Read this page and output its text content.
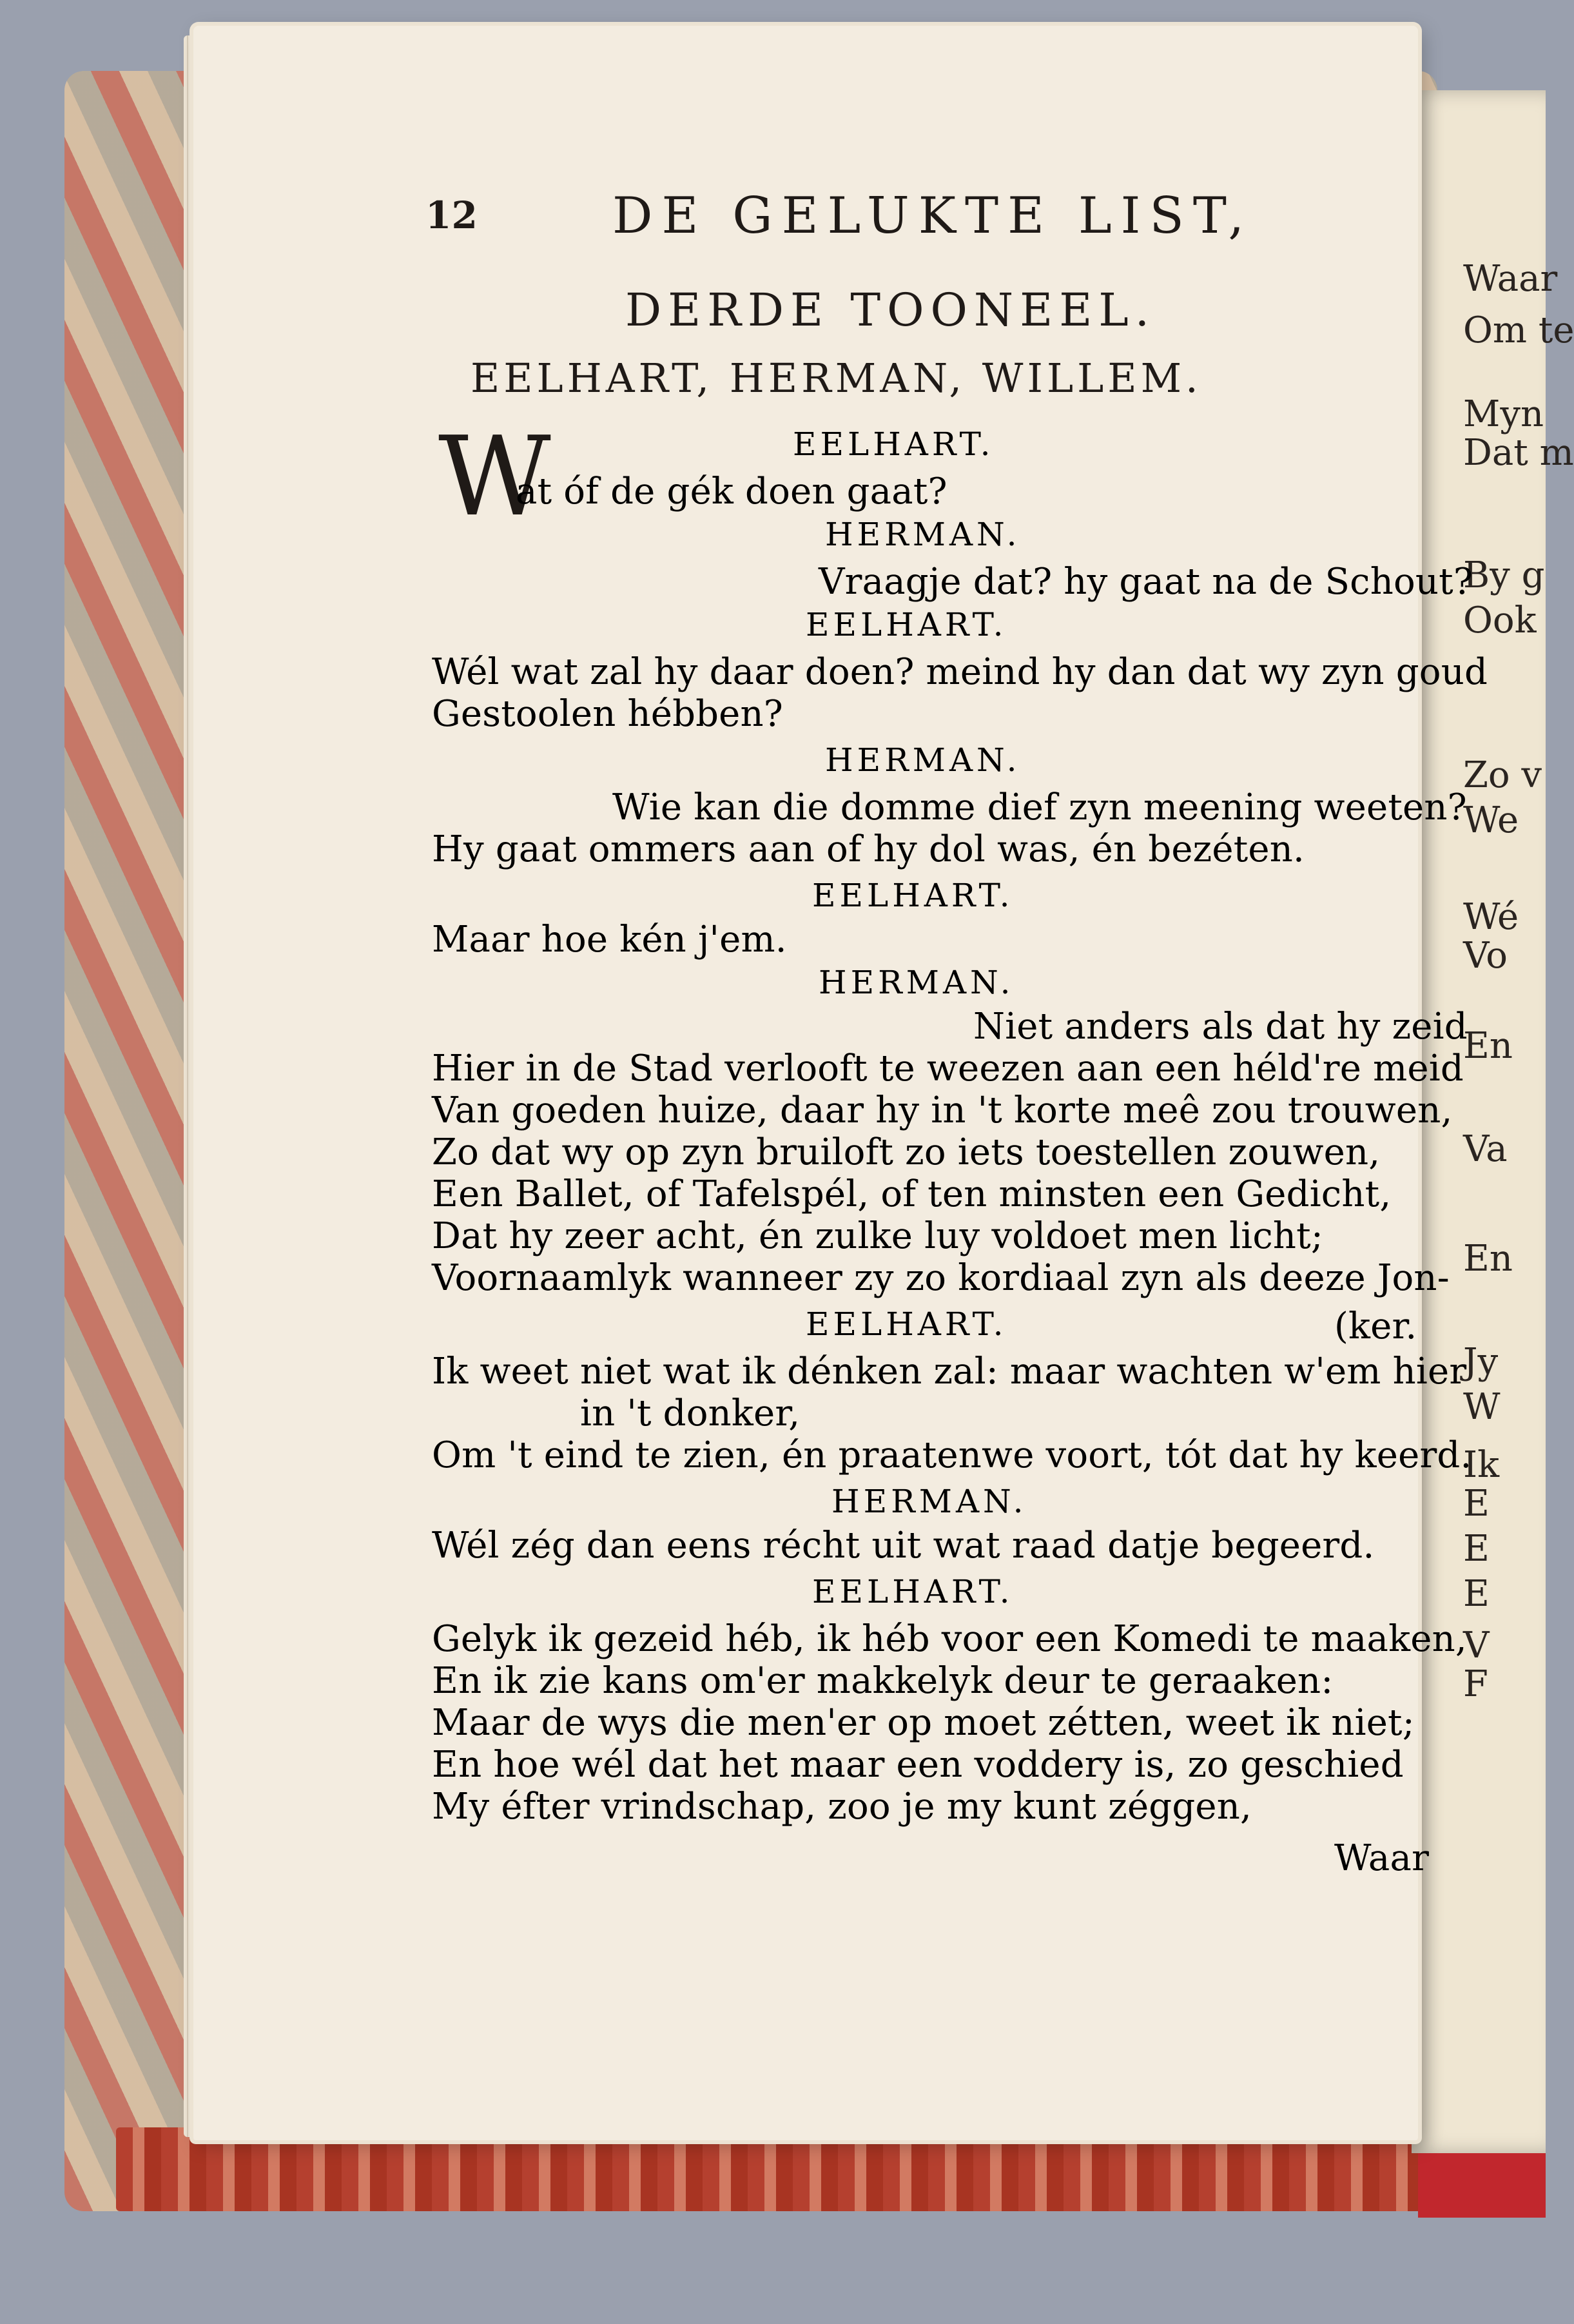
Waar
Om te
Myn
Dat m
By g
Ook
Zo v
We
Wé
Vo
En
Va
En
Jy
W
Ik
E
E
E
V
F
12	DE GELUKTE LIST,
DERDE TOONEEL.
EELHART, HERMAN, WILLEM.
EELHART.
W
at óf de gék doen gaat?
HERMAN.
Vraagje dat? hy gaat na de Schout?
EELHART.
Wél wat zal hy daar doen? meind hy dan dat wy zyn goud
Gestoolen hébben?
HERMAN.
Wie kan die domme dief zyn meening weeten?
Hy gaat ommers aan of hy dol was, én bezéten.
EELHART.
Maar hoe kén j'em.
HERMAN.
Niet anders als dat hy zeid
Hier in de Stad verlooft te weezen aan een héld're meid
Van goeden huize, daar hy in 't korte meê zou trouwen,
Zo dat wy op zyn bruiloft zo iets toestellen zouwen,
Een Ballet, of Tafelspél, of ten minsten een Gedicht,
Dat hy zeer acht, én zulke luy voldoet men licht;
Voornaamlyk wanneer zy zo kordiaal zyn als deeze Jon-
EELHART.	(ker.
Ik weet niet wat ik dénken zal: maar wachten w'em hier
in 't donker,
Om 't eind te zien, én praatenwe voort, tót dat hy keerd.
HERMAN.
Wél zég dan eens récht uit wat raad datje begeerd.
EELHART.
Gelyk ik gezeid héb, ik héb voor een Komedi te maaken,
En ik zie kans om'er makkelyk deur te geraaken:
Maar de wys die men'er op moet zétten, weet ik niet;
En hoe wél dat het maar een voddery is, zo geschied
My éfter vrindschap, zoo je my kunt zéggen,
Waar
